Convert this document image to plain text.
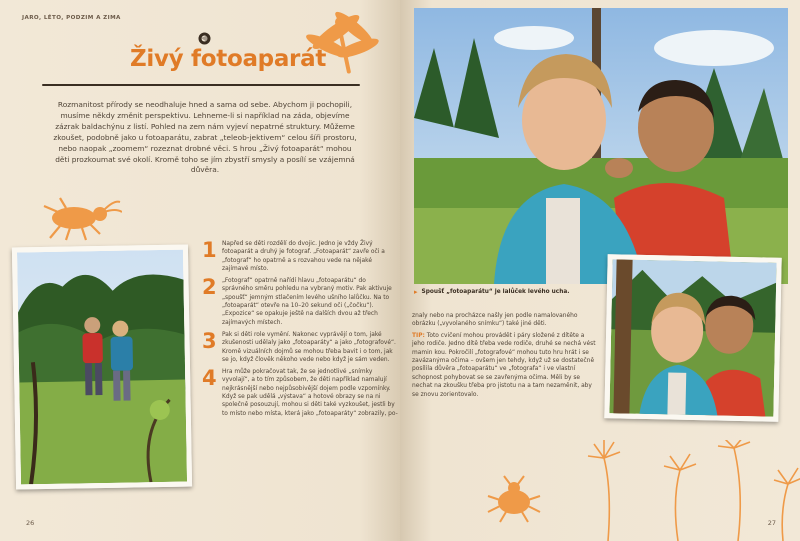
JARO, LÉTO, PODZIM A ZIMA
Živý fotoaparát
Rozmanitost přírody se neodhaluje hned a sama od sebe. Abychom ji pochopili, musíme někdy změnit perspektivu. Lehneme-li si například na záda, objevíme zázrak baldachýnu z listí. Pohled na zem nám vyjeví nepatrné struktury. Můžeme zkoušet, podobně jako u fotoaparátu, zabrat „teleob-jektivem“ celou šíři prostoru, nebo naopak „zoomem“ rozeznat drobné věci. S hrou „Živý fotoaparát“ mohou děti prozkoumat své okolí. Kromě toho se jím zbystří smysly a posílí se vzájemná důvěra.
1 Napřed se děti rozdělí do dvojic. Jedno je vždy Živý fotoaparát a druhý je fotograf. „Fotoaparát“ zavře oči a „fotograf“ ho opatrně a s rozvahou vede na nějaké zajímavé místo.
2 „Fotograf“ opatrně nařídí hlavu „fotoaparátu“ do správného směru pohledu na vybraný motiv. Pak aktivuje „spoušť“ jemným stlačením levého ušního lalůčku. Na to „fotoaparát“ otevře na 10–20 sekund oči („čočku“). „Expozice“ se opakuje ještě na dalších dvou až třech zajímavých místech.
3 Pak si děti role vymění. Nakonec vyprávějí o tom, jaké zkušenosti udělaly jako „fotoaparáty“ a jako „fotografové“. Kromě vizuálních dojmů se mohou třeba bavit i o tom, jak se jo, když člověk někoho vede nebo když je sám veden.
4 Hra může pokračovat tak, že se jednotlivé „snímky vyvolají“, a to tím způsobem, že děti například namalují nejkrásnější nebo nejpůsobivější dojem podle vzpomínky. Když se pak udělá „výstava“ a hotové obrazy se na ni společně posouzují, mohou si děti také vyzkoušet, jestli by to místo nebo místa, která jako „fotoaparáty“ zobrazily, po-
26
▸ Spoušť „fotoaparátu“ je lalůček levého ucha.

znaly nebo na procházce našly jen podle namalovaného obrázku („vyvolaného snímku“) také jiné děti.

TIP: Toto cvičení mohou provádět i páry složené z dítěte a jeho rodiče. Jedno dítě třeba vede rodiče, druhé se nechá vést mamin kou. Pokročilí „fotografové“ mohou tuto hru hrát i se zavázanýma očima – ovšem jen tehdy, když už se dostatečně posílila důvěra „fotoaparátu“ ve „fotografa“ i ve vlastní schopnost pohybovat se se zavřenýma očima. Měli by se nechat na zkoušku třeba pro jistotu na a tam nezaměnit, aby se znovu zorientovalo.

27
